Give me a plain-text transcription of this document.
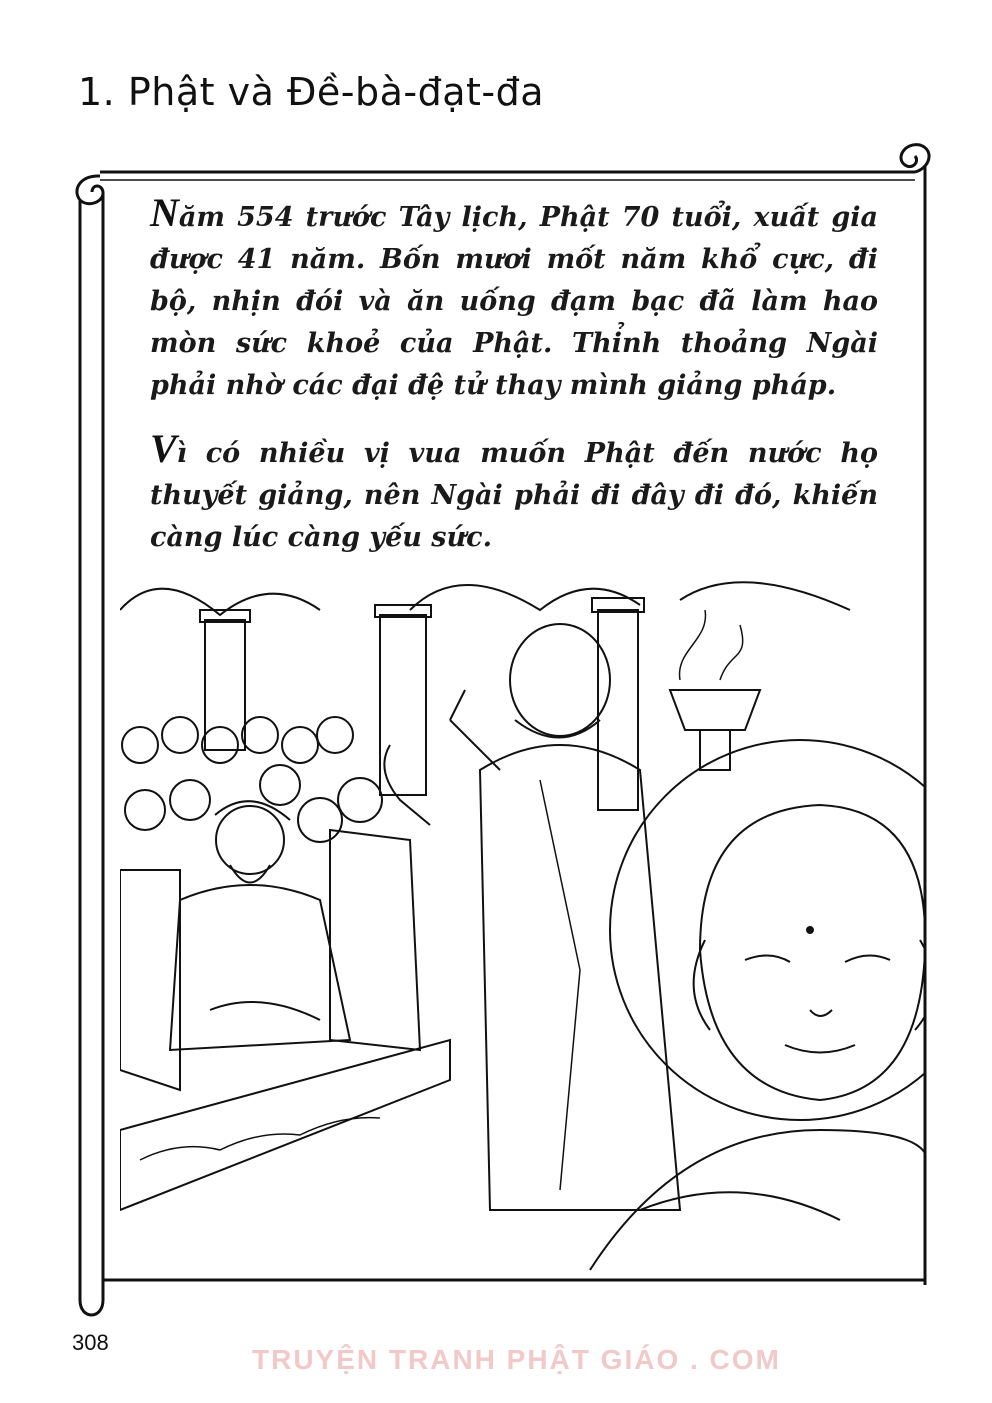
1. Phật và Đề-bà-đạt-đa

Năm 554 trước Tây lịch, Phật 70 tuổi, xuất gia được 41 năm. Bốn mươi mốt năm khổ cực, đi bộ, nhịn đói và ăn uống đạm bạc đã làm hao mòn sức khoẻ của Phật. Thỉnh thoảng Ngài phải nhờ các đại đệ tử thay mình giảng pháp.

Vì có nhiều vị vua muốn Phật đến nước họ thuyết giảng, nên Ngài phải đi đây đi đó, khiến càng lúc càng yếu sức.

308
TRUYỆN TRANH PHẬT GIÁO . COM
